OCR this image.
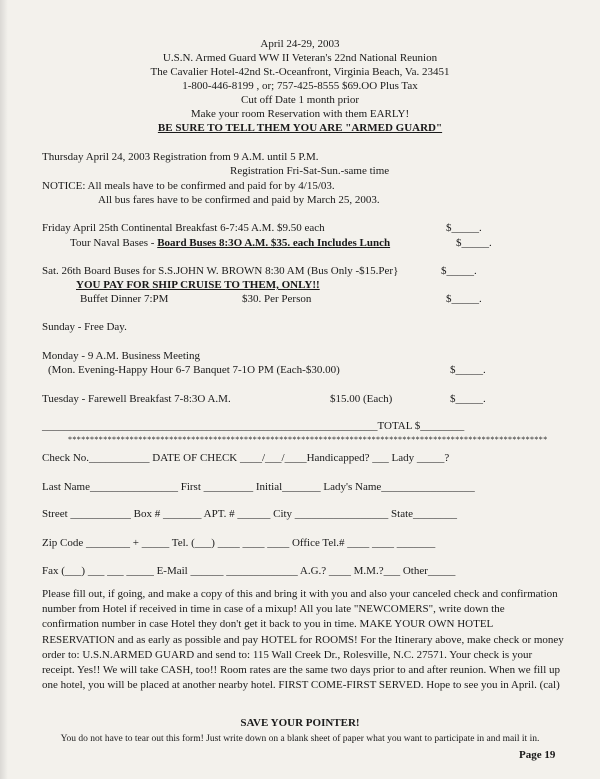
April 24-29, 2003
U.S.N. Armed Guard WW II Veteran's 22nd National Reunion
The Cavalier Hotel-42nd St.-Oceanfront, Virginia Beach, Va. 23451
1-800-446-8199 , or; 757-425-8555 $69.OO Plus Tax
Cut off Date 1 month prior
Make your room Reservation with them EARLY!
BE SURE TO TELL THEM YOU ARE "ARMED GUARD"
Thursday April 24, 2003 Registration from 9 A.M. until 5 P.M.
Registration Fri-Sat-Sun.-same time
NOTICE: All meals have to be confirmed and paid for by 4/15/03.
All bus fares have to be confirmed and paid by March 25, 2003.
Friday April 25th Continental Breakfast 6-7:45 A.M. $9.50 each	$_____.
Tour Naval Bases - Board Buses 8:3O A.M. $35. each Includes Lunch	$_____.
Sat. 26th Board Buses for S.S.JOHN W. BROWN 8:30 AM (Bus Only -$15.Per}	$_____.
YOU PAY FOR SHIP CRUISE TO THEM, ONLY!!
Buffet Dinner 7:PM	$30. Per Person	$_____.
Sunday - Free Day.
Monday - 9 A.M. Business Meeting
(Mon. Evening-Happy Hour 6-7 Banquet 7-1O PM (Each-$30.00)	$_____.
Tuesday - Farewell Breakfast 7-8:3O A.M.	$15.00 (Each)	$_____.
_____________________________________________________________TOTAL $________
*************************************************************************************************************
Check No.___________ DATE OF CHECK ____/___/____Handicapped? ___ Lady _____?
Last Name________________ First _________ Initial_______ Lady's Name_________________
Street ___________ Box # _______ APT. # ______ City _________________ State________
Zip Code ________ + _____ Tel. (___) ____ ____ ____ Office Tel.# ____ ____ _______
Fax (___) ___ ___ _____ E-Mail ______ _____________ A.G.? ____ M.M.?___ Other_____
Please fill out, if going, and make a copy of this and bring it with you and also your canceled check and confirmation number from Hotel if received in time in case of a mixup! All you late "NEWCOMERS", write down the confirmation number in case Hotel they don't get it back to you in time. MAKE YOUR OWN HOTEL RESERVATION and as early as possible and pay HOTEL for ROOMS! For the Itinerary above, make check or money order to: U.S.N.ARMED GUARD and send to: 115 Wall Creek Dr., Rolesville, N.C. 27571. Your check is your receipt. Yes!! We will take CASH, too!! Room rates are the same two days prior to and after reunion. When we fill up one hotel, you will be placed at another nearby hotel. FIRST COME-FIRST SERVED. Hope to see you in April. (cal)
SAVE YOUR POINTER!
You do not have to tear out this form! Just write down on a blank sheet of paper what you want to participate in and mail it in.
Page 19
